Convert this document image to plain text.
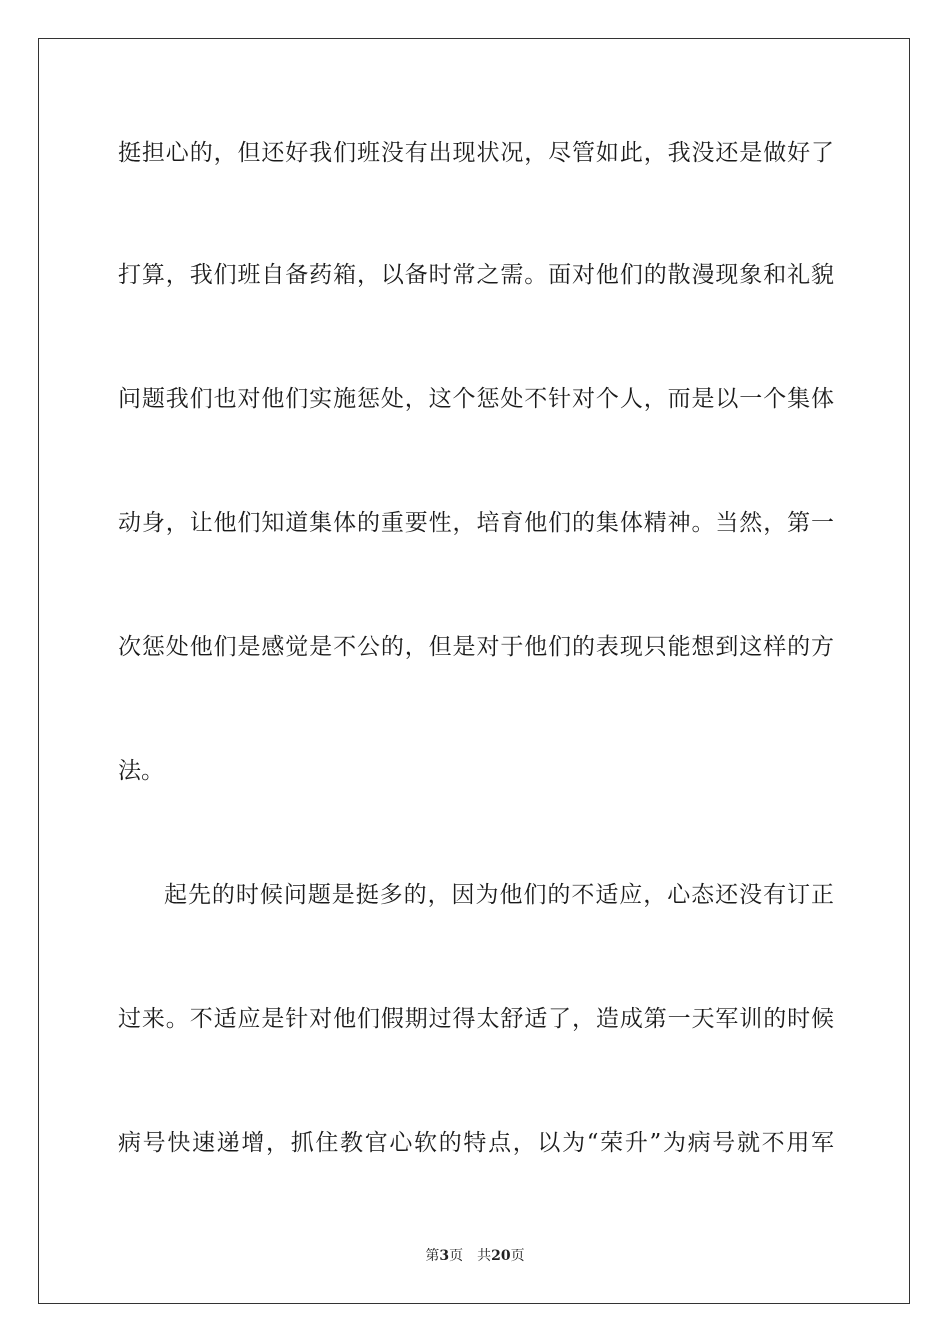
挺担心的，但还好我们班没有出现状况，尽管如此，我没还是做好了
打算，我们班自备药箱，以备时常之需。面对他们的散漫现象和礼貌
问题我们也对他们实施惩处，这个惩处不针对个人，而是以一个集体
动身，让他们知道集体的重要性，培育他们的集体精神。当然，第一
次惩处他们是感觉是不公的，但是对于他们的表现只能想到这样的方
法。
起先的时候问题是挺多的，因为他们的不适应，心态还没有订正
过来。不适应是针对他们假期过得太舒适了，造成第一天军训的时候
病号快速递增，抓住教官心软的特点，以为“荣升”为病号就不用军
第3页 共20页
